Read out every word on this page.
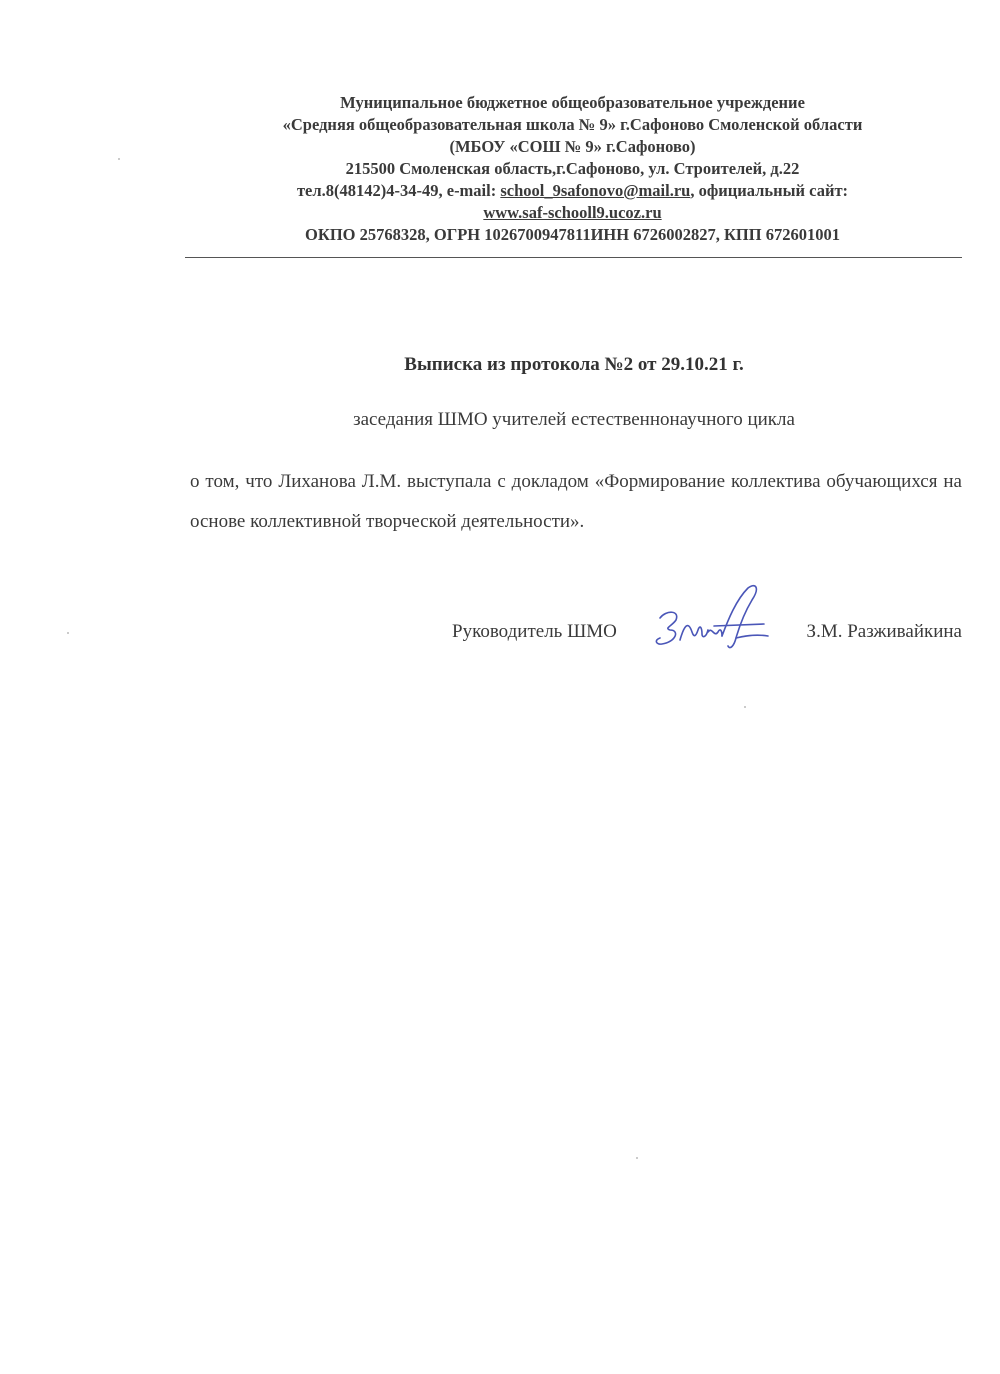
Муниципальное бюджетное общеобразовательное учреждение
«Средняя общеобразовательная школа № 9» г.Сафоново Смоленской области
(МБОУ «СОШ № 9» г.Сафоново)
215500 Смоленская область,г.Сафоново, ул. Строителей, д.22
тел.8(48142)4-34-49, e-mail: school_9safonovo@mail.ru, официальный сайт:
www.saf-schooll9.ucoz.ru
ОКПО 25768328, ОГРН 1026700947811ИНН 6726002827, КПП 672601001
Выписка из протокола №2 от 29.10.21 г.
заседания ШМО учителей естественнонаучного цикла
о том, что Лиханова Л.М. выступала с докладом «Формирование коллектива обучающихся на основе коллективной творческой деятельности».
Руководитель ШМО	З.М. Разживайкина
